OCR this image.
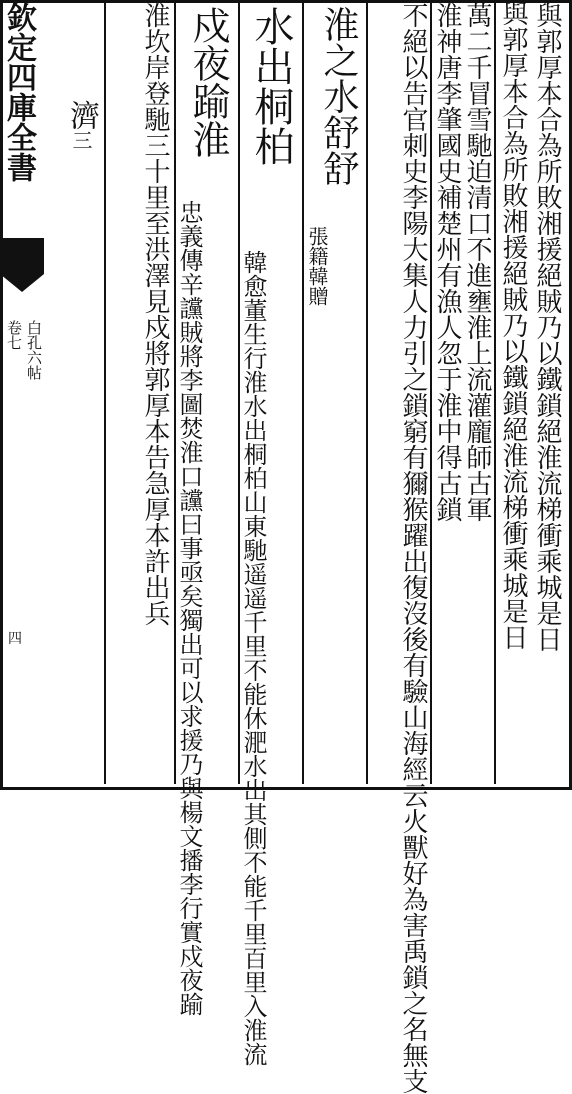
欽定四庫全書
白孔六帖
卷七
四
濟三	與郭厚本合為所敗湘援絕賊乃以鐵鎖絕淮流梯衝乘城是日
與郭厚本合為所敗湘援絕賊乃以鐵鎖絕淮流梯衝乘城是日
萬二千冒雪馳迫清口不進壅淮上流灌龐師古軍
淮神唐李肇國史補楚州有漁人忽于淮中得古鎖
不絕以告官刺史李陽大集人力引之鎖窮有獮猴躍出復沒後有驗山海經云火獸好為害禹鎖之名無支
淮之水舒舒
張籍韓贈
水出桐柏
韓愈董生行淮水出桐柏山東馳遥遥千里不能休淝水出其側不能千里百里入淮流
戍夜踰淮
忠義傳辛讜賊將李圖焚淮口讜曰事亟矣獨出可以求援乃與楊文播李行實戍夜踰
淮坎岸登馳三十里至洪澤見戍將郭厚本告急厚本許出兵
